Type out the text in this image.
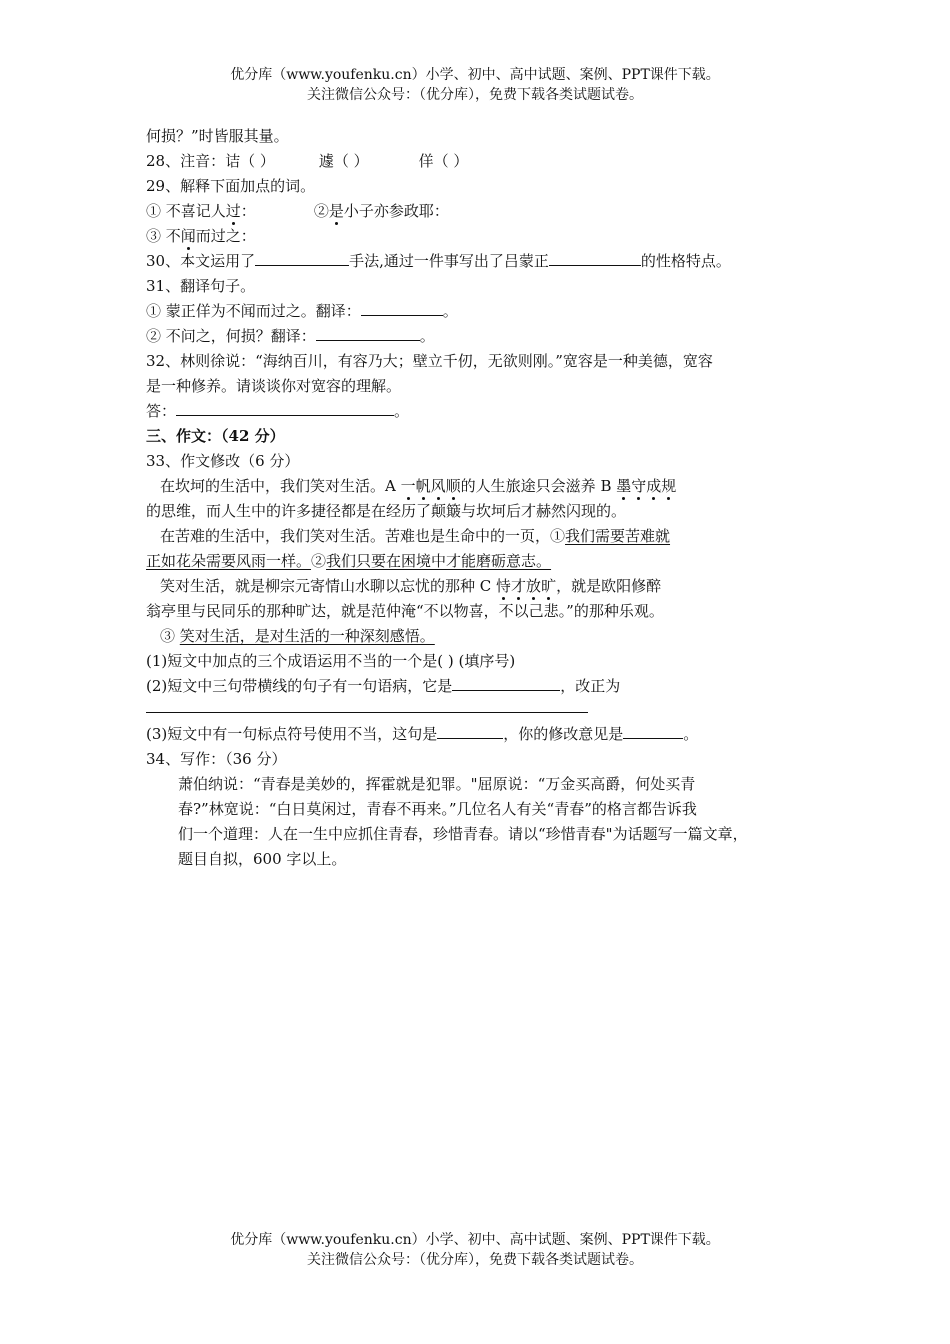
优分库（www.youfenku.cn）小学、初中、高中试题、案例、PPT课件下载。
关注微信公众号：（优分库），免费下载各类试题试卷。
何损？”时皆服其量。
28、注音：诘（ ）	遽（ ）	佯（ ）
29、解释下面加点的词。
① 不喜记人过：	②是小子亦参政耶：
③ 不闻而过之：
30、本文运用了	手法,通过一件事写出了吕蒙正	的性格特点。
31、翻译句子。
① 蒙正佯为不闻而过之。翻译：	。
② 不问之，何损？翻译：	。
32、林则徐说：“海纳百川，有容乃大；壁立千仞，无欲则刚。”宽容是一种美德，宽容
是一种修养。请谈谈你对宽容的理解。
答：	。
三、作文：（42 分）
33、作文修改（6 分）
在坎坷的生活中，我们笑对生活。A 一帆风顺的人生旅途只会滋养 B 墨守成规
的思维，而人生中的许多捷径都是在经历了颠簸与坎坷后才赫然闪现的。
在苦难的生活中，我们笑对生活。苦难也是生命中的一页，①我们需要苦难就
正如花朵需要风雨一样。②我们只要在困境中才能磨砺意志。
笑对生活，就是柳宗元寄情山水聊以忘忧的那种 C 恃才放旷，就是欧阳修醉
翁亭里与民同乐的那种旷达，就是范仲淹“不以物喜，不以己悲。”的那种乐观。
③ 笑对生活，是对生活的一种深刻感悟。
(1)短文中加点的三个成语运用不当的一个是( ) (填序号)
(2)短文中三句带横线的句子有一句语病，它是	，改正为
(3)短文中有一句标点符号使用不当，这句是	，你的修改意见是	。
34、写作：（36 分）
萧伯纳说：“青春是美妙的，挥霍就是犯罪。"屈原说：“万金买高爵，何处买青
春?”林宽说：“白日莫闲过，青春不再来。”几位名人有关“青春”的格言都告诉我
们一个道理：人在一生中应抓住青春，珍惜青春。请以“珍惜青春"为话题写一篇文章，
题目自拟，600 字以上。
优分库（www.youfenku.cn）小学、初中、高中试题、案例、PPT课件下载。
关注微信公众号：（优分库），免费下载各类试题试卷。
